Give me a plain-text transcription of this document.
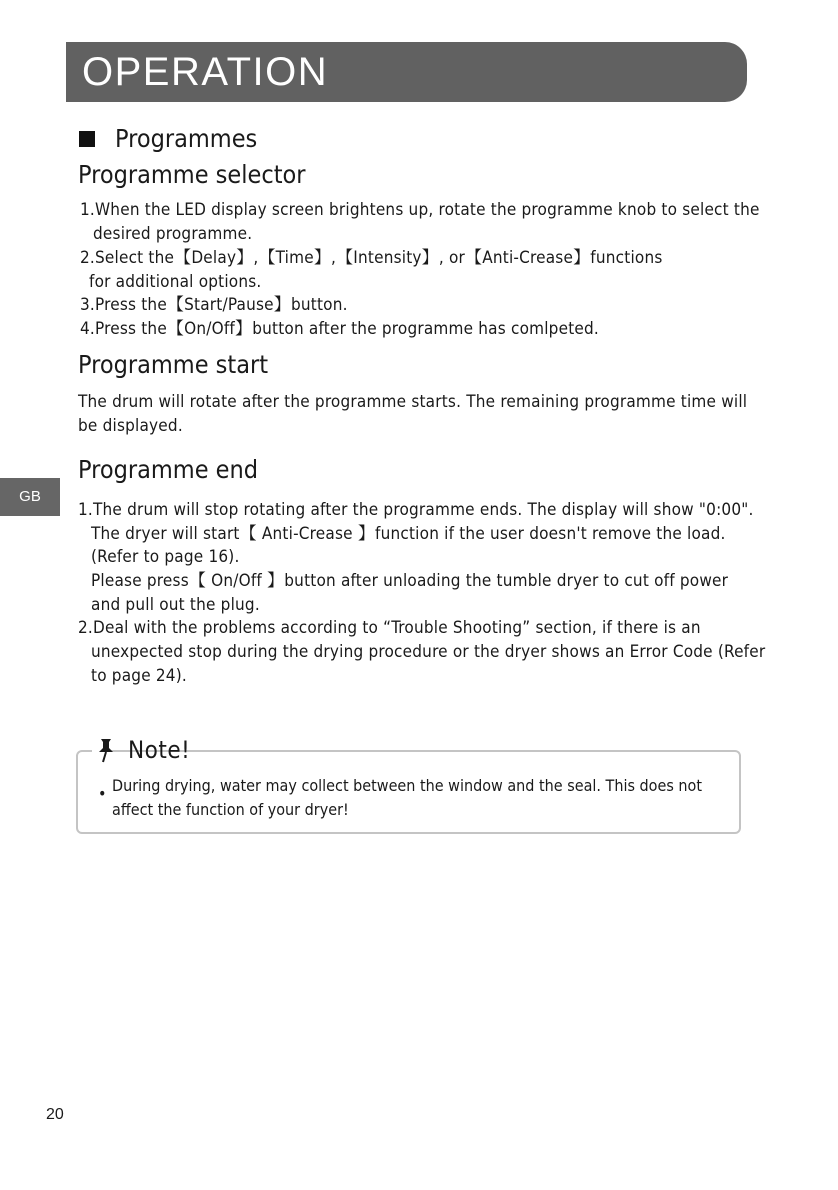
OPERATION
Programmes
Programme selector
1.When the LED display screen brightens up, rotate the programme knob to select the
desired programme.
2.Select the【Delay】,【Time】,【Intensity】, or【Anti-Crease】functions
for additional options.
3.Press the【Start/Pause】button.
4.Press the【On/Off】button after the programme has comlpeted.
Programme start
The drum will rotate after the programme starts. The remaining programme time will
be displayed.
Programme end
1.The drum will stop rotating after the programme ends. The display will show "0:00".
The dryer will start【 Anti-Crease 】function if the user doesn't remove the load.
(Refer to page 16).
Please press【 On/Off 】button after unloading the tumble dryer to cut off power
and pull out the plug.
2.Deal with the problems according to “Trouble Shooting” section, if there is an
unexpected stop during the drying procedure or the dryer shows an Error Code (Refer
to page 24).
GB
Note!
• During drying, water may collect between the window and the seal. This does not
affect the function of your dryer!
20
